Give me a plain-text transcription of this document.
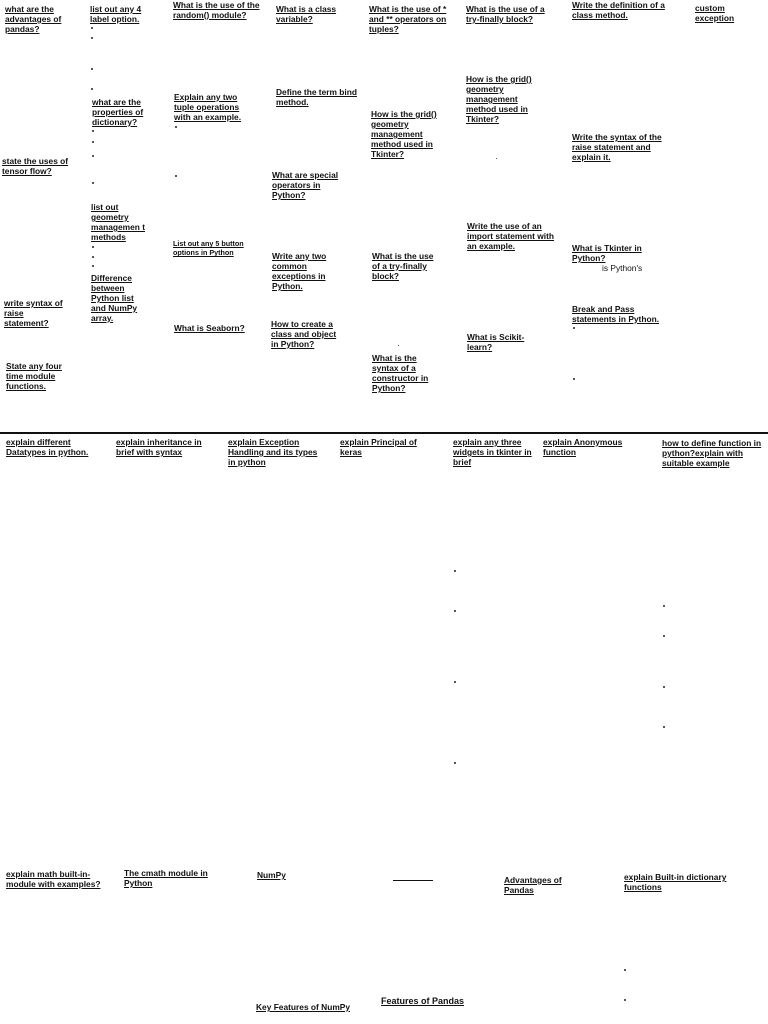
what are the advantages of pandas?
state the uses of tensor flow?
write syntax of raise statement?
State any four time module functions.
list out any 4 label option.
what are the properties of dictionary?
list out geometry managemen t methods
Difference between Python list and NumPy array.
What is the use of the random() module?
Explain any two tuple operations with an example.
List out any 5 button options in Python
What is Seaborn?
What is a class variable?
Define the term bind method.
What are special operators in Python?
Write any two common exceptions in Python.
How to create a class and object in Python?
What is the use of * and ** operators on tuples?
How is the grid() geometry management method used in Tkinter?
What is the use of a try-finally block?
What is the syntax of a constructor in Python?
What is the use of a try-finally block?
How is the grid() geometry management method used in Tkinter?
Write the use of an import statement with an example.
What is Scikit-learn?
Write the definition of a class method.
Write the syntax of the raise statement and explain it.
What is Tkinter in Python?
is Python's
Break and Pass statements in Python.
custom exception
explain different Datatypes in python.
explain inheritance in brief with syntax
explain Exception Handling and its types in python
explain Principal of keras
explain any three widgets in tkinter in brief
explain Anonymous function
how to define function in python?explain with suitable example
explain math built-in-module with examples?
The cmath module in Python
NumPy	Advantages of Pandas
explain Built-in dictionary functions
Key Features of NumPy
Features of Pandas
